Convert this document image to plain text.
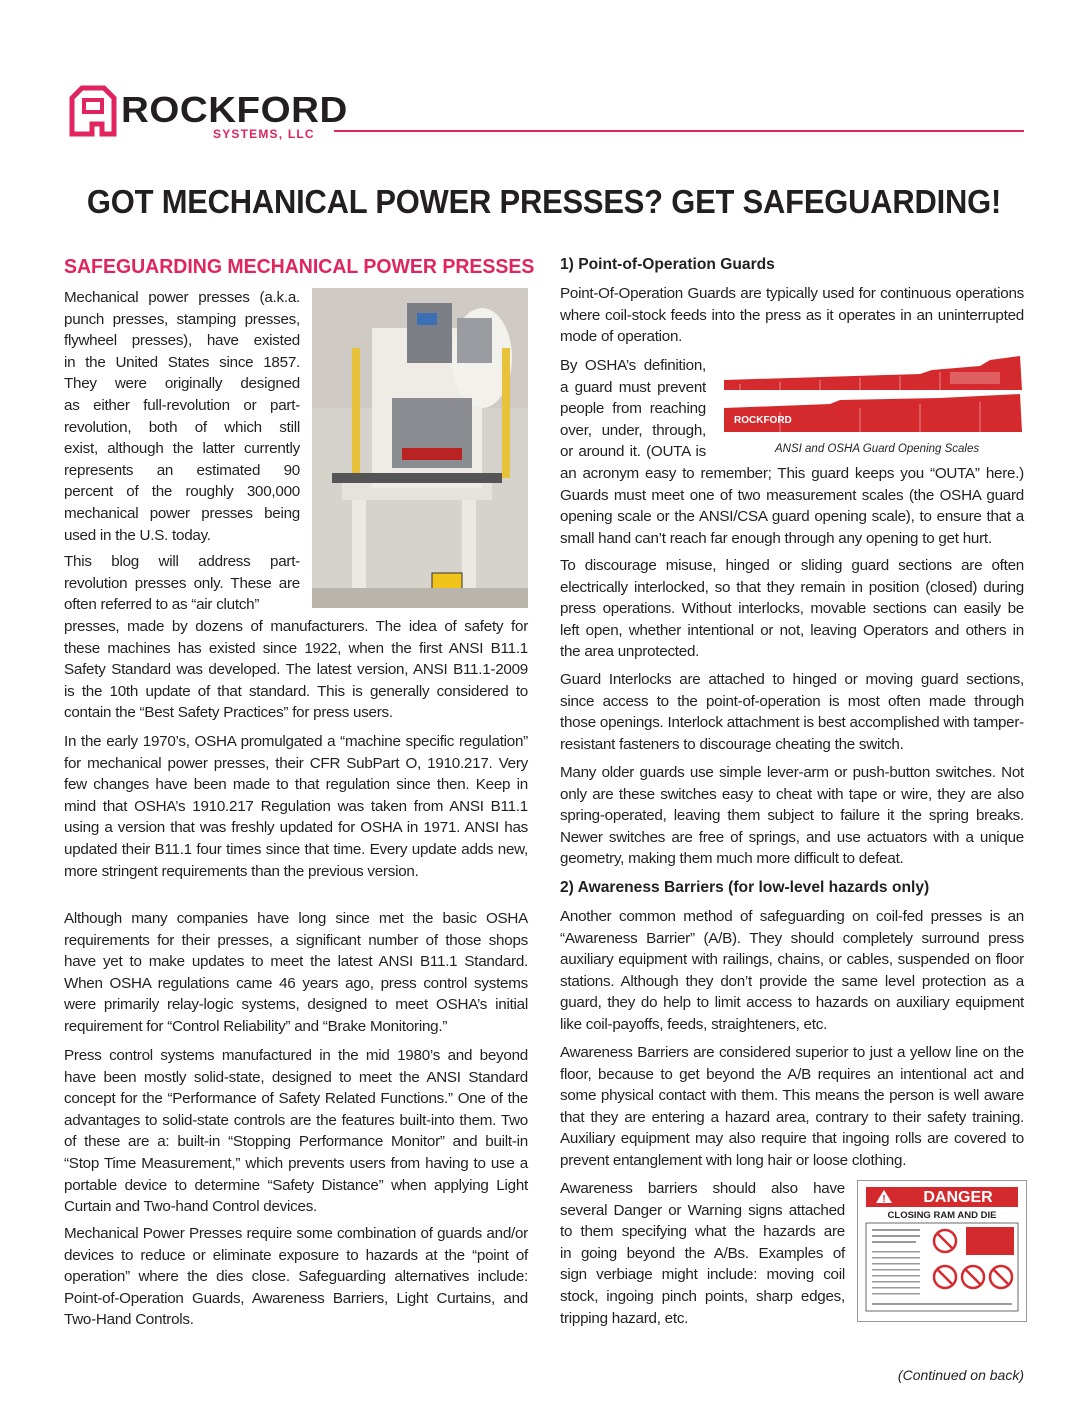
ROCKFORD
SYSTEMS, LLC
GOT MECHANICAL POWER PRESSES? GET SAFEGUARDING!
SAFEGUARDING MECHANICAL POWER PRESSES
Mechanical power presses (a.k.a.
punch presses, stamping presses,
flywheel presses), have existed
in the United States since 1857.
They were originally designed
as either full-revolution or part-
revolution, both of which still
exist, although the latter currently
represents an estimated 90
percent of the roughly 300,000
mechanical power presses being
used in the U.S. today.
This blog will address part-
revolution presses only. These are
often referred to as “air clutch”

presses, made by dozens of manufacturers. The idea of safety for these machines has existed since 1922, when the first ANSI B11.1 Safety Standard was developed. The latest version, ANSI B11.1-2009 is the 10th update of that standard. This is generally considered to contain the “Best Safety Practices” for press users.

In the early 1970’s, OSHA promulgated a “machine specific regulation” for mechanical power presses, their CFR SubPart O, 1910.217. Very few changes have been made to that regulation since then. Keep in mind that OSHA’s 1910.217 Regulation was taken from ANSI B11.1 using a version that was freshly updated for OSHA in 1971. ANSI has updated their B11.1 four times since that time. Every update adds new, more stringent requirements than the previous version.

Although many companies have long since met the basic OSHA requirements for their presses, a significant number of those shops have yet to make updates to meet the latest ANSI B11.1 Standard. When OSHA regulations came 46 years ago, press control systems were primarily relay-logic systems, designed to meet OSHA’s initial requirement for “Control Reliability” and “Brake Monitoring.”

Press control systems manufactured in the mid 1980’s and beyond have been mostly solid-state, designed to meet the ANSI Standard concept for the “Performance of Safety Related Functions.” One of the advantages to solid-state controls are the features built-into them. Two of these are a: built-in “Stopping Performance Monitor” and built-in “Stop Time Measurement,” which prevents users from having to use a portable device to determine “Safety Distance” when applying Light Curtain and Two-hand Control devices.

Mechanical Power Presses require some combination of guards and/or devices to reduce or eliminate exposure to hazards at the “point of operation” where the dies close. Safeguarding alternatives include: Point-of-Operation Guards, Awareness Barriers, Light Curtains, and Two-Hand Controls.

1) Point-of-Operation Guards

Point-Of-Operation Guards are typically used for continuous operations where coil-stock feeds into the press as it operates in an uninterrupted mode of operation.

By OSHA’s definition,
a guard must prevent
people from reaching
over, under, through,
or around it. (OUTA is
ROCKFORD
ANSI and OSHA Guard Opening Scales

an acronym easy to remember; This guard keeps you “OUTA” here.) Guards must meet one of two measurement scales (the OSHA guard opening scale or the ANSI/CSA guard opening scale), to ensure that a small hand can’t reach far enough through any opening to get hurt.

To discourage misuse, hinged or sliding guard sections are often electrically interlocked, so that they remain in position (closed) during press operations. Without interlocks, movable sections can easily be left open, whether intentional or not, leaving Operators and others in the area unprotected.

Guard Interlocks are attached to hinged or moving guard sections, since access to the point-of-operation is most often made through those openings. Interlock attachment is best accomplished with tamper-resistant fasteners to discourage cheating the switch.

Many older guards use simple lever-arm or push-button switches. Not only are these switches easy to cheat with tape or wire, they are also spring-operated, leaving them subject to failure it the spring breaks. Newer switches are free of springs, and use actuators with a unique geometry, making them much more difficult to defeat.

2) Awareness Barriers (for low-level hazards only)

Another common method of safeguarding on coil-fed presses is an “Awareness Barrier” (A/B). They should completely surround press auxiliary equipment with railings, chains, or cables, suspended on floor stations. Although they don’t provide the same level protection as a guard, they do help to limit access to hazards on auxiliary equipment like coil-payoffs, feeds, straighteners, etc.

Awareness Barriers are considered superior to just a yellow line on the floor, because to get beyond the A/B requires an intentional act and some physical contact with them. This means the person is well aware that they are entering a hazard area, contrary to their safety training. Auxiliary equipment may also require that ingoing rolls are covered to prevent entanglement with long hair or loose clothing.

Awareness barriers should also have
several Danger or Warning signs attached
to them specifying what the hazards are
in going beyond the A/Bs. Examples of
sign verbiage might include: moving coil
stock, ingoing pinch points, sharp edges,
tripping hazard, etc.
! DANGER
CLOSING RAM AND DIE
(Continued on back)
